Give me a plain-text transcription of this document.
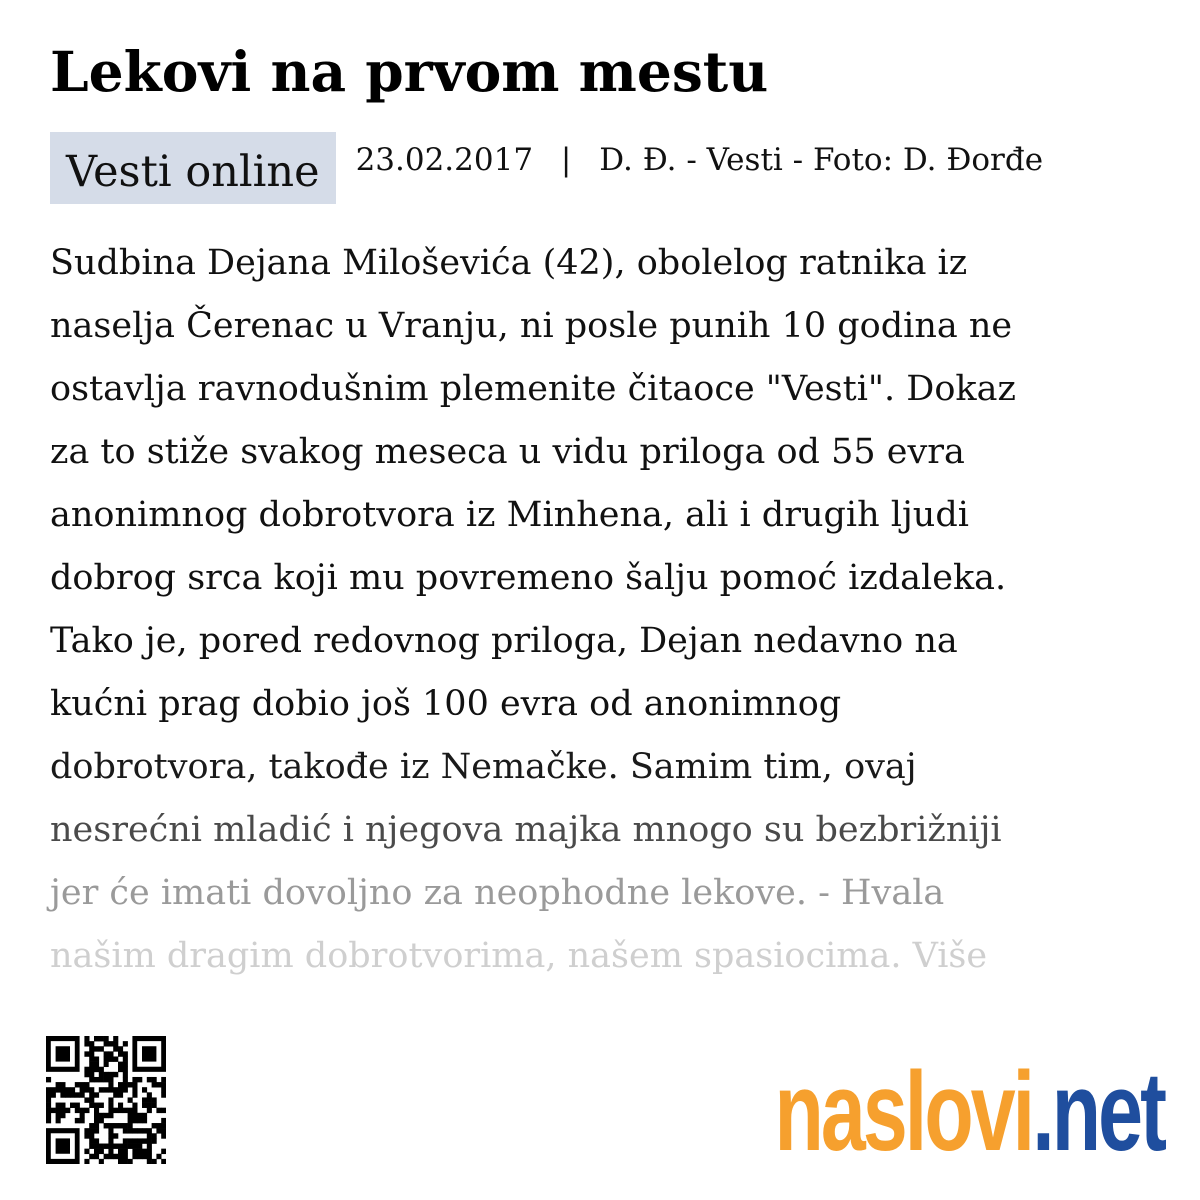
Lekovi na prvom mestu
Vesti online	23.02.2017 | D. Đ. - Vesti - Foto: D. Đorđe
Sudbina Dejana Miloševića (42), obolelog ratnika iz
naselja Čerenac u Vranju, ni posle punih 10 godina ne
ostavlja ravnodušnim plemenite čitaoce "Vesti". Dokaz
za to stiže svakog meseca u vidu priloga od 55 evra
anonimnog dobrotvora iz Minhena, ali i drugih ljudi
dobrog srca koji mu povremeno šalju pomoć izdaleka.
Tako je, pored redovnog priloga, Dejan nedavno na
kućni prag dobio još 100 evra od anonimnog
dobrotvora, takođe iz Nemačke. Samim tim, ovaj
nesrećni mladić i njegova majka mnogo su bezbrižniji
jer će imati dovoljno za neophodne lekove. - Hvala
našim dragim dobrotvorima, našem spasiocima. Više
naslovi .net
